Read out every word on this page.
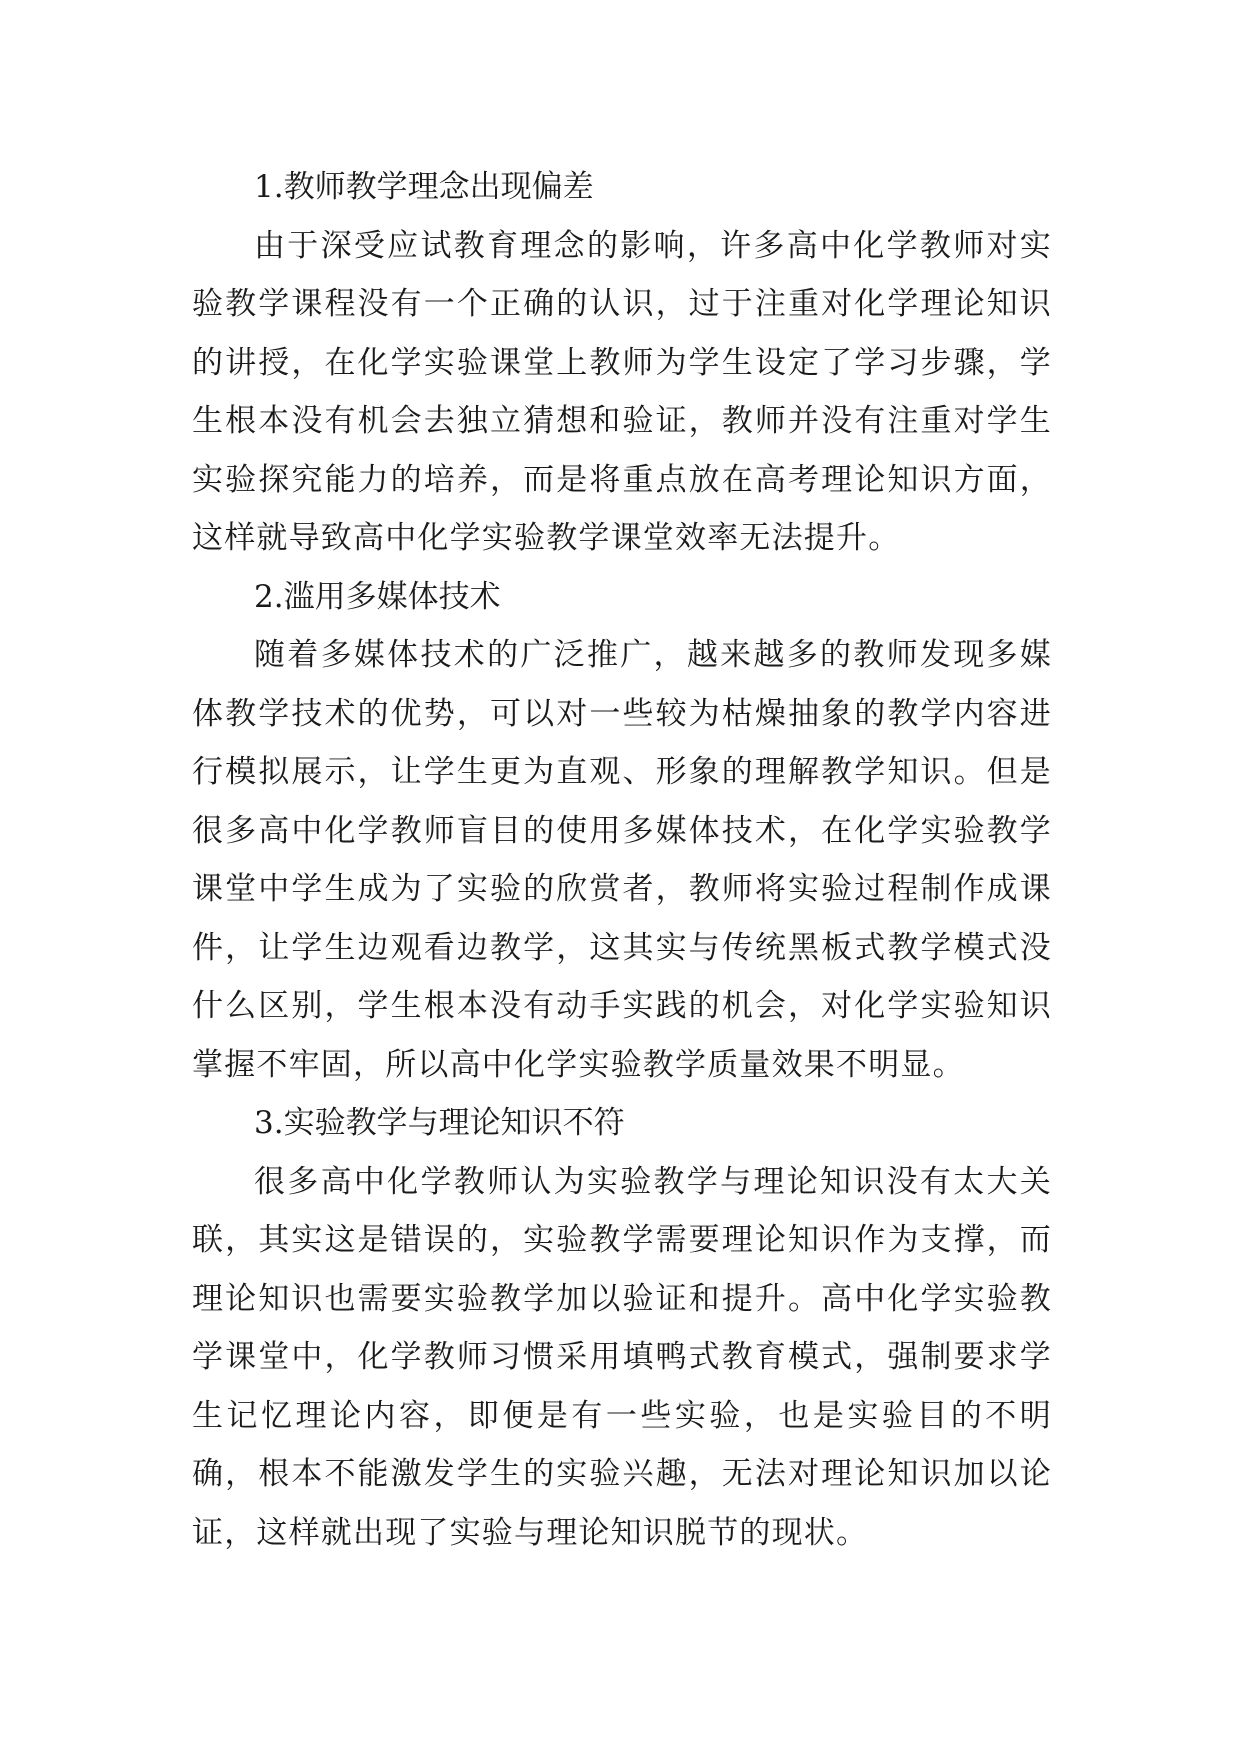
1.教师教学理念出现偏差

由于深受应试教育理念的影响，许多高中化学教师对实验教学课程没有一个正确的认识，过于注重对化学理论知识的讲授，在化学实验课堂上教师为学生设定了学习步骤，学生根本没有机会去独立猜想和验证，教师并没有注重对学生实验探究能力的培养，而是将重点放在高考理论知识方面，这样就导致高中化学实验教学课堂效率无法提升。

2.滥用多媒体技术

随着多媒体技术的广泛推广，越来越多的教师发现多媒体教学技术的优势，可以对一些较为枯燥抽象的教学内容进行模拟展示，让学生更为直观、形象的理解教学知识。但是很多高中化学教师盲目的使用多媒体技术，在化学实验教学课堂中学生成为了实验的欣赏者，教师将实验过程制作成课件，让学生边观看边教学，这其实与传统黑板式教学模式没什么区别，学生根本没有动手实践的机会，对化学实验知识掌握不牢固，所以高中化学实验教学质量效果不明显。

3.实验教学与理论知识不符

很多高中化学教师认为实验教学与理论知识没有太大关联，其实这是错误的，实验教学需要理论知识作为支撑，而理论知识也需要实验教学加以验证和提升。高中化学实验教学课堂中，化学教师习惯采用填鸭式教育模式，强制要求学生记忆理论内容，即便是有一些实验，也是实验目的不明确，根本不能激发学生的实验兴趣，无法对理论知识加以论证，这样就出现了实验与理论知识脱节的现状。
